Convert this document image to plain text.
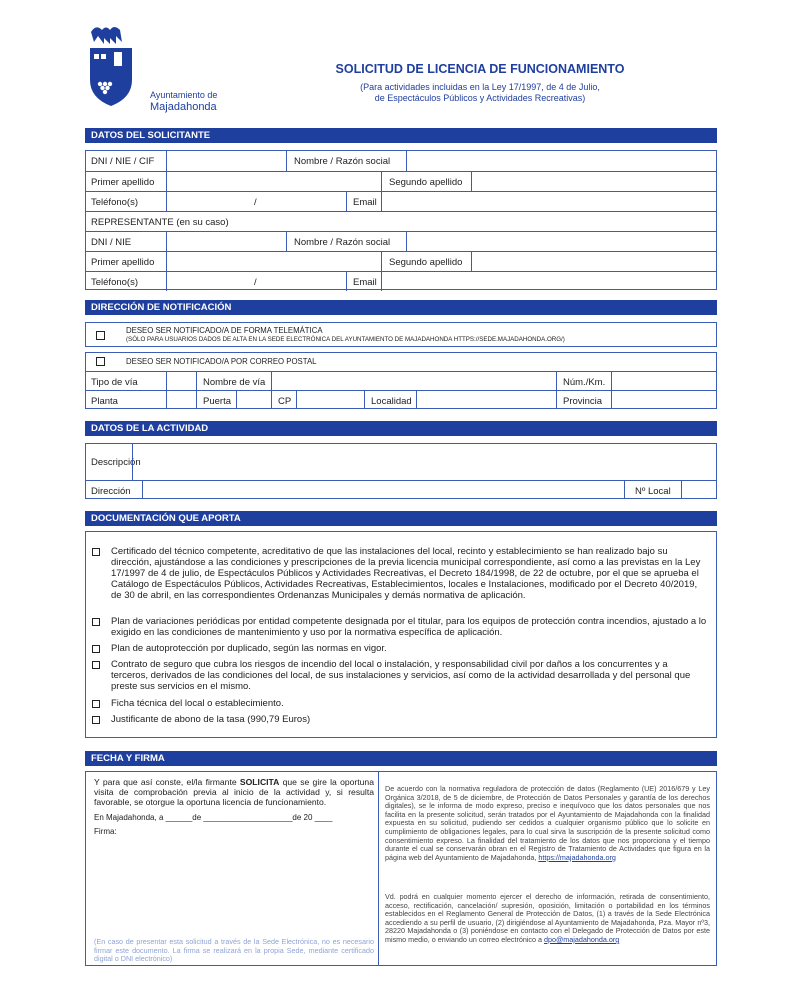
Ayuntamiento de
Majadahonda
SOLICITUD DE LICENCIA DE FUNCIONAMIENTO
(Para actividades incluidas en la Ley 17/1997, de 4 de Julio,
de Espectáculos Públicos y Actividades Recreativas)
DATOS DEL SOLICITANTE
DNI / NIE / CIF	Nombre / Razón social
Primer apellido	Segundo apellido
Teléfono(s)	/	Email
REPRESENTANTE (en su caso)
DNI / NIE	Nombre / Razón social
Primer apellido	Segundo apellido
Teléfono(s)	/	Email
DIRECCIÓN DE NOTIFICACIÓN
DESEO SER NOTIFICADO/A DE FORMA TELEMÁTICA
(SÓLO PARA USUARIOS DADOS DE ALTA EN LA SEDE ELECTRÓNICA DEL AYUNTAMIENTO DE MAJADAHONDA HTTPS://SEDE.MAJADAHONDA.ORG/)
DESEO SER NOTIFICADO/A POR CORREO POSTAL
Tipo de vía	Nombre de vía	Núm./Km.
Planta	Puerta	CP	Localidad	Provincia
DATOS DE LA ACTIVIDAD
Descripción
Dirección	Nº Local
DOCUMENTACIÓN QUE APORTA
Certificado del técnico competente, acreditativo de que las instalaciones del local, recinto y establecimiento se han realizado bajo su dirección, ajustándose a las condiciones y prescripciones de la previa licencia municipal correspondiente, así como a las previstas en la Ley 17/1997 de 4 de julio, de Espectáculos Públicos y Actividades Recreativas, el Decreto 184/1998, de 22 de octubre, por el que se aprueba el Catálogo de Espectáculos Públicos, Actividades Recreativas, Establecimientos, locales e Instalaciones, modificado por el Decreto 40/2019, de 30 de abril, en las correspondientes Ordenanzas Municipales y demás normativa de aplicación.
Plan de variaciones periódicas por entidad competente designada por el titular, para los equipos de protección contra incendios, ajustado a lo exigido en las condiciones de mantenimiento y uso por la normativa específica de aplicación.
Plan de autoprotección por duplicado, según las normas en vigor.
Contrato de seguro que cubra los riesgos de incendio del local o instalación, y responsabilidad civil por daños a los concurrentes y a terceros, derivados de las condiciones del local, de sus instalaciones y servicios, así como de la actividad desarrollada y del personal que preste sus servicios en el mismo.
Ficha técnica del local o establecimiento.
Justificante de abono de la tasa (990,79 Euros)
FECHA Y FIRMA
Y para que así conste, el/la firmante SOLICITA que se gire la oportuna visita de comprobación previa al inicio de la actividad y, si resulta favorable, se otorgue la oportuna licencia de funcionamiento.
En Majadahonda, a ______de ____________________de 20 ____
Firma:
(En caso de presentar esta solicitud a través de la Sede Electrónica, no es necesario firmar este documento. La firma se realizará en la propia Sede, mediante certificado digital o DNI electrónico)
De acuerdo con la normativa reguladora de protección de datos (Reglamento (UE) 2016/679 y Ley Orgánica 3/2018, de 5 de diciembre, de Protección de Datos Personales y garantía de los derechos digitales), se le informa de modo expreso, preciso e inequívoco que los datos personales que nos facilita en la presente solicitud, serán tratados por el Ayuntamiento de Majadahonda con la finalidad expuesta en su solicitud, pudiendo ser cedidos a cualquier organismo público que lo solicite en cumplimiento de obligaciones legales, para lo cual sirva la suscripción de la presente solicitud como consentimiento expreso. La finalidad del tratamiento de los datos que nos proporciona y el tiempo durante el cual se conservarán obran en el Registro de Tratamiento de Actividades que figura en la página web del Ayuntamiento de Majadahonda, https://majadahonda.org
Vd. podrá en cualquier momento ejercer el derecho de información, retirada de consentimiento, acceso, rectificación, cancelación/ supresión, oposición, limitación o portabilidad en los términos establecidos en el Reglamento General de Protección de Datos, (1) a través de la Sede Electrónica accediendo a su perfil de usuario, (2) dirigiéndose al Ayuntamiento de Majadahonda, Pza. Mayor nº3, 28220 Majadahonda o (3) poniéndose en contacto con el Delegado de Protección de Datos por este mismo medio, o enviando un correo electrónico a dpo@majadahonda.org
